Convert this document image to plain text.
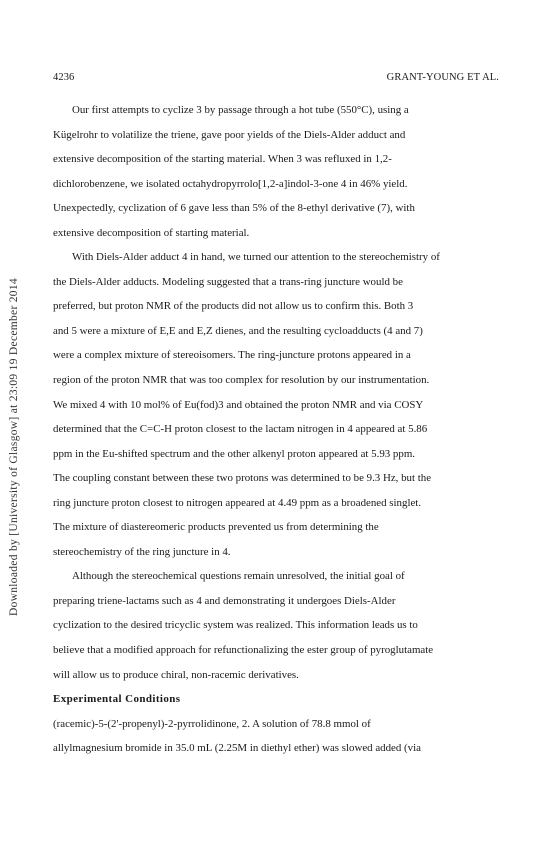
4236	GRANT-YOUNG ET AL.
Downloaded by [University of Glasgow] at 23:09 19 December 2014
Our first attempts to cyclize 3 by passage through a hot tube (550°C), using a
Kügelrohr to volatilize the triene, gave poor yields of the Diels-Alder adduct and
extensive decomposition of the starting material. When 3 was refluxed in 1,2-
dichlorobenzene, we isolated octahydropyrrolo[1,2-a]indol-3-one 4 in 46% yield.
Unexpectedly, cyclization of 6 gave less than 5% of the 8-ethyl derivative (7), with
extensive decomposition of starting material.
With Diels-Alder adduct 4 in hand, we turned our attention to the stereochemistry of
the Diels-Alder adducts. Modeling suggested that a trans-ring juncture would be
preferred, but proton NMR of the products did not allow us to confirm this. Both 3
and 5 were a mixture of E,E and E,Z dienes, and the resulting cycloadducts (4 and 7)
were a complex mixture of stereoisomers. The ring-juncture protons appeared in a
region of the proton NMR that was too complex for resolution by our instrumentation.
We mixed 4 with 10 mol% of Eu(fod)3 and obtained the proton NMR and via COSY
determined that the C=C-H proton closest to the lactam nitrogen in 4 appeared at 5.86
ppm in the Eu-shifted spectrum and the other alkenyl proton appeared at 5.93 ppm.
The coupling constant between these two protons was determined to be 9.3 Hz, but the
ring juncture proton closest to nitrogen appeared at 4.49 ppm as a broadened singlet.
The mixture of diastereomeric products prevented us from determining the
stereochemistry of the ring juncture in 4.
Although the stereochemical questions remain unresolved, the initial goal of
preparing triene-lactams such as 4 and demonstrating it undergoes Diels-Alder
cyclization to the desired tricyclic system was realized. This information leads us to
believe that a modified approach for refunctionalizing the ester group of pyroglutamate
will allow us to produce chiral, non-racemic derivatives.
Experimental Conditions
(racemic)-5-(2'-propenyl)-2-pyrrolidinone, 2. A solution of 78.8 mmol of
allylmagnesium bromide in 35.0 mL (2.25M in diethyl ether) was slowed added (via
